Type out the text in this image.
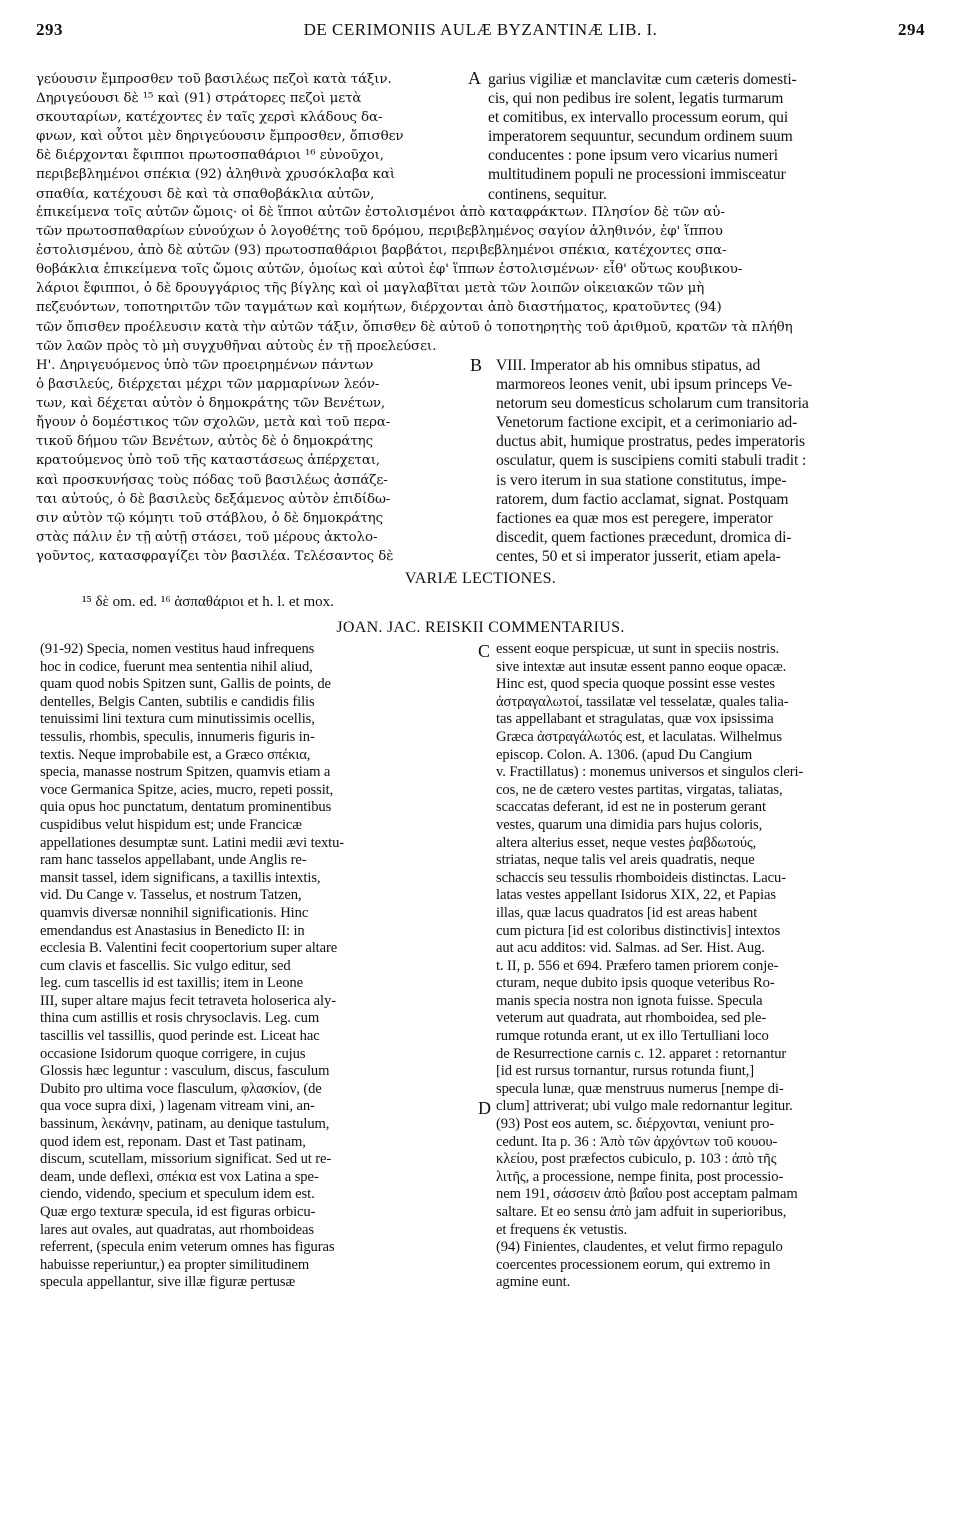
293	DE CERIMONIIS AULÆ BYZANTINÆ LIB. I.	294
γεύουσιν ἔμπροσθεν τοῦ βασιλέως πεζοὶ κατὰ τάξιν.
Δηριγεύουσι δὲ ¹⁵ καὶ (91) στράτορες πεζοὶ μετὰ
σκουταρίων, κατέχοντες ἐν ταῖς χερσὶ κλάδους δα-
φνων, καὶ οὗτοι μὲν δηριγεύουσιν ἔμπροσθεν, ὄπισθεν
δὲ διέρχονται ἔφιπποι πρωτοσπαθάριοι ¹⁶ εὐνοῦχοι,
περιβεβλημένοι σπέκια (92) ἀληθινὰ χρυσόκλαβα καὶ
σπαθία, κατέχουσι δὲ καὶ τὰ σπαθοβάκλια αὐτῶν,
A garius vigiliæ et manclavitæ cum cæteris domesti-
cis, qui non pedibus ire solent, legatis turmarum
et comitibus, ex intervallo processum eorum, qui
imperatorem sequuntur, secundum ordinem suum
conducentes : pone ipsum vero vicarius numeri
multitudinem populi ne processioni immisceatur
continens, sequitur.
ἐπικείμενα τοῖς αὐτῶν ὤμοις· οἱ δὲ ἵπποι αὐτῶν ἐστολισμένοι ἀπὸ καταφράκτων. Πλησίον δὲ τῶν αὐ-
τῶν πρωτοσπαθαρίων εὐνούχων ὁ λογοθέτης τοῦ δρόμου, περιβεβλημένος σαγίον ἀληθινόν, ἐφ' ἵππου
ἐστολισμένου, ἀπὸ δὲ αὐτῶν (93) πρωτοσπαθάριοι βαρβάτοι, περιβεβλημένοι σπέκια, κατέχοντες σπα-
θοβάκλια ἐπικείμενα τοῖς ὤμοις αὐτῶν, ὁμοίως καὶ αὐτοὶ ἐφ' ἵππων ἐστολισμένων· εἶθ' οὕτως κουβικου-
λάριοι ἔφιπποι, ὁ δὲ δρουγγάριος τῆς βίγλης καὶ οἱ μαγλαβῖται μετὰ τῶν λοιπῶν οἰκειακῶν τῶν μὴ
πεζευόντων, τοποτηριτῶν τῶν ταγμάτων καὶ κομήτων, διέρχονται ἀπὸ διαστήματος, κρατοῦντες (94)
τῶν ὄπισθεν προέλευσιν κατὰ τὴν αὐτῶν τάξιν, ὄπισθεν δὲ αὐτοῦ ὁ τοποτηρητὴς τοῦ ἀριθμοῦ, κρατῶν τὰ πλήθη
τῶν λαῶν πρὸς τὸ μὴ συγχυθῆναι αὐτοὺς ἐν τῇ προελεύσει.
Η'. Δηριγευόμενος ὑπὸ τῶν προειρημένων πάντων
ὁ βασιλεύς, διέρχεται μέχρι τῶν μαρμαρίνων λεόν-
των, καὶ δέχεται αὐτὸν ὁ δημοκράτης τῶν Βενέτων,
ἤγουν ὁ δομέστικος τῶν σχολῶν, μετὰ καὶ τοῦ περα-
τικοῦ δήμου τῶν Βενέτων, αὐτὸς δὲ ὁ δημοκράτης
κρατούμενος ὑπὸ τοῦ τῆς καταστάσεως ἀπέρχεται,
καὶ προσκυνήσας τοὺς πόδας τοῦ βασιλέως ἀσπάζε-
ται αὐτούς, ὁ δὲ βασιλεὺς δεξάμενος αὐτὸν ἐπιδίδω-
σιν αὐτὸν τῷ κόμητι τοῦ στάβλου, ὁ δὲ δημοκράτης
στὰς πάλιν ἐν τῇ αὐτῇ στάσει, τοῦ μέρους ἀκτολο-
γοῦντος, κατασφραγίζει τὸν βασιλέα. Τελέσαντος δὲ
B VIII. Imperator ab his omnibus stipatus, ad
marmoreos leones venit, ubi ipsum princeps Ve-
netorum seu domesticus scholarum cum transitoria
Venetorum factione excipit, et a cerimoniario ad-
ductus abit, humique prostratus, pedes imperatoris
osculatur, quem is suscipiens comiti stabuli tradit :
is vero iterum in sua statione constitutus, impe-
ratorem, dum factio acclamat, signat. Postquam
factiones ea quæ mos est peregere, imperator
discedit, quem factiones præcedunt, dromica di-
centes, 50 et si imperator jusserit, etiam apela-
VARIÆ LECTIONES.
¹⁵ δὲ om. ed. ¹⁶ ἀσπαθάριοι et h. l. et mox.
JOAN. JAC. REISKII COMMENTARIUS.
(91-92) Specia, nomen vestitus haud infrequens
hoc in codice, fuerunt mea sententia nihil aliud,
quam quod nobis Spitzen sunt, Gallis de points, de
dentelles, Belgis Canten, subtilis e candidis filis
tenuissimi lini textura cum minutissimis ocellis,
tessulis, rhombis, speculis, innumeris figuris in-
textis. Neque improbabile est, a Græco σπέκια,
specia, manasse nostrum Spitzen, quamvis etiam a
voce Germanica Spitze, acies, mucro, repeti possit,
quia opus hoc punctatum, dentatum prominentibus
cuspidibus velut hispidum est; unde Francicæ
appellationes desumptæ sunt. Latini medii ævi textu-
ram hanc tasselos appellabant, unde Anglis re-
mansit tassel, idem significans, a taxillis intextis,
vid. Du Cange v. Tasselus, et nostrum Tatzen,
quamvis diversæ nonnihil significationis. Hinc
emendandus est Anastasius in Benedicto II: in
ecclesia B. Valentini fecit coopertorium super altare
cum clavis et fascellis. Sic vulgo editur, sed
leg. cum tascellis id est taxillis; item in Leone
III, super altare majus fecit tetraveta holoserica aly-
thina cum astillis et rosis chrysoclavis. Leg. cum
tascillis vel tassillis, quod perinde est. Liceat hac
occasione Isidorum quoque corrigere, in cujus
Glossis hæc leguntur : vasculum, discus, fasculum
Dubito pro ultima voce flasculum, φλασκίον, (de
qua voce supra dixi, ) lagenam vitream vini, an-
bassinum, λεκάνην, patinam, au denique tastulum,
quod idem est, reponam. Dast et Tast patinam,
discum, scutellam, missorium significat. Sed ut re-
deam, unde deflexi, σπέκια est vox Latina a spe-
ciendo, videndo, specium et speculum idem est.
Quæ ergo texturæ specula, id est figuras orbicu-
lares aut ovales, aut quadratas, aut rhomboideas
referrent, (specula enim veterum omnes has figuras
habuisse reperiuntur,) ea propter similitudinem
specula appellantur, sive illæ figuræ pertusæ
C
D
essent eoque perspicuæ, ut sunt in speciis nostris.
sive intextæ aut insutæ essent panno eoque opacæ.
Hinc est, quod specia quoque possint esse vestes
ἀστραγαλωτοί, tassilatæ vel tesselatæ, quales talia-
tas appellabant et stragulatas, quæ vox ipsissima
Græca ἀστραγάλωτός est, et laculatas. Wilhelmus
episcop. Colon. A. 1306. (apud Du Cangium
v. Fractillatus) : monemus universos et singulos cleri-
cos, ne de cætero vestes partitas, virgatas, taliatas,
scaccatas deferant, id est ne in posterum gerant
vestes, quarum una dimidia pars hujus coloris,
altera alterius esset, neque vestes ῥαβδωτούς,
striatas, neque talis vel areis quadratis, neque
schaccis seu tessulis rhomboideis distinctas. Lacu-
latas vestes appellant Isidorus XIX, 22, et Papias
illas, quæ lacus quadratos [id est areas habent
cum pictura [id est coloribus distinctivis] intextos
aut acu additos: vid. Salmas. ad Ser. Hist. Aug.
t. II, p. 556 et 694. Præfero tamen priorem conje-
cturam, neque dubito ipsis quoque veteribus Ro-
manis specia nostra non ignota fuisse. Specula
veterum aut quadrata, aut rhomboidea, sed ple-
rumque rotunda erant, ut ex illo Tertulliani loco
de Resurrectione carnis c. 12. apparet : retornantur
[id est rursus tornantur, rursus rotunda fiunt,]
specula lunæ, quæ menstruus numerus [nempe di-
clum] attriverat; ubi vulgo male redornantur legitur.
(93) Post eos autem, sc. διέρχονται, veniunt pro-
cedunt. Ita p. 36 : Ἀπὸ τῶν ἀρχόντων τοῦ κουου-
κλείου, post præfectos cubiculo, p. 103 : ἀπὸ τῆς
λιτῆς, a processione, nempe finita, post processio-
nem 191, σάσσειν ἀπὸ βαΐου post acceptam palmam
saltare. Et eo sensu ἀπὸ jam adfuit in superioribus,
et frequens ἐκ vetustis.
(94) Finientes, claudentes, et velut firmo repagulo
coercentes processionem eorum, qui extremo in
agmine eunt.
